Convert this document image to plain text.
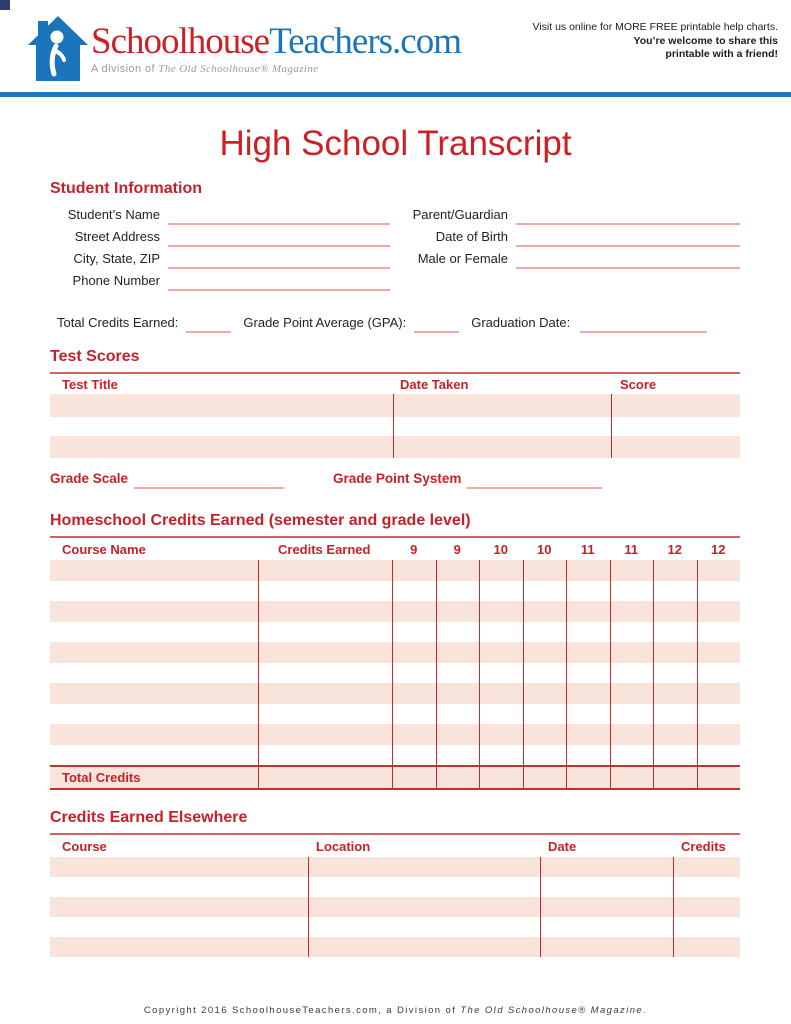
SchoolhouseTeachers.com
A division of The Old Schoolhouse® Magazine
Visit us online for MORE FREE printable help charts.
You’re welcome to share this
printable with a friend!
High School Transcript
Student Information
Student’s Name
Street Address
City, State, ZIP
Phone Number
Parent/Guardian
Date of Birth
Male or Female
Total Credits Earned:	Grade Point Average (GPA):	Graduation Date:
Test Scores
Test Title	Date Taken	Score
Grade Scale	Grade Point System
Homeschool Credits Earned (semester and grade level)
Course Name	Credits Earned	9	9	10	10	11	11	12	12
Total Credits
Credits Earned Elsewhere
Course	Location	Date	Credits
Copyright 2016 SchoolhouseTeachers.com, a Division of The Old Schoolhouse® Magazine.
